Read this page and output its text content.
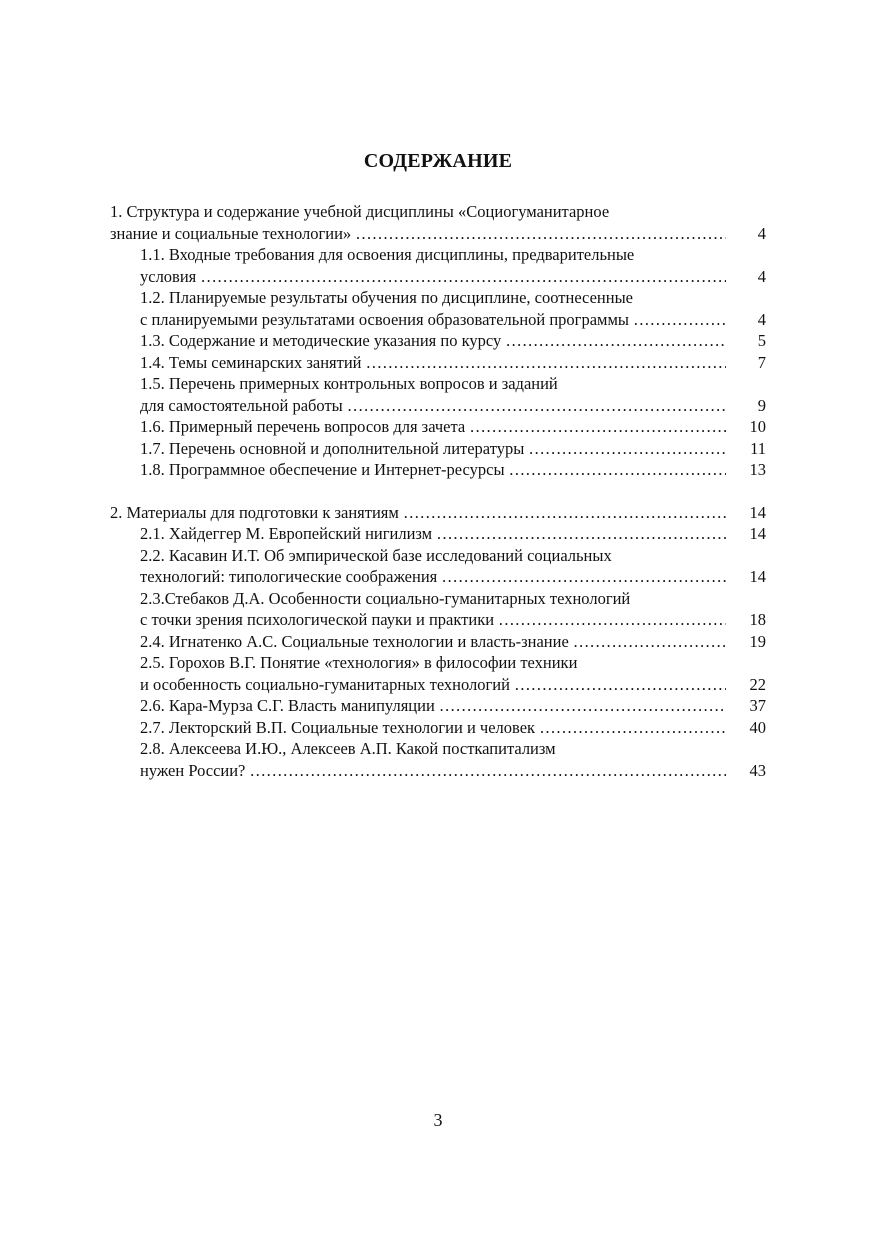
СОДЕРЖАНИЕ
1. Структура и содержание учебной дисциплины «Социогуманитарное
знание и социальные технологии» ……………………………………………………………………………………………………………………………………………………………………………………………………	4
1.1. Входные требования для освоения дисциплины, предварительные
условия ……………………………………………………………………………………………………………………………………………………………………………………………………	4
1.2. Планируемые результаты обучения по дисциплине, соотнесенные
с планируемыми результатами освоения образовательной программы ……………………………………………………………………………………………………………………………………………………………………………………………………	4
1.3. Содержание и методические указания по курсу ……………………………………………………………………………………………………………………………………………………………………………………………………	5
1.4. Темы семинарских занятий ……………………………………………………………………………………………………………………………………………………………………………………………………	7
1.5. Перечень примерных контрольных вопросов и заданий
для самостоятельной работы ……………………………………………………………………………………………………………………………………………………………………………………………………	9
1.6. Примерный перечень вопросов для зачета ……………………………………………………………………………………………………………………………………………………………………………………………………	10
1.7. Перечень основной и дополнительной литературы ……………………………………………………………………………………………………………………………………………………………………………………………………	11
1.8. Программное обеспечение и Интернет-ресурсы ……………………………………………………………………………………………………………………………………………………………………………………………………	13
2. Материалы для подготовки к занятиям ……………………………………………………………………………………………………………………………………………………………………………………………………	14
2.1. Хайдеггер М. Европейский нигилизм ……………………………………………………………………………………………………………………………………………………………………………………………………	14
2.2. Касавин И.Т. Об эмпирической базе исследований социальных
технологий: типологические соображения ……………………………………………………………………………………………………………………………………………………………………………………………………	14
2.3.Стебаков Д.А. Особенности социально-гуманитарных технологий
с точки зрения психологической пауки и практики ……………………………………………………………………………………………………………………………………………………………………………………………………	18
2.4. Игнатенко А.С. Социальные технологии и власть-знание ……………………………………………………………………………………………………………………………………………………………………………………………………	19
2.5. Горохов В.Г. Понятие «технология» в философии техники
и особенность социально-гуманитарных технологий ……………………………………………………………………………………………………………………………………………………………………………………………………	22
2.6. Кара-Мурза С.Г. Власть манипуляции ……………………………………………………………………………………………………………………………………………………………………………………………………	37
2.7. Лекторский В.П. Социальные технологии и человек ……………………………………………………………………………………………………………………………………………………………………………………………………	40
2.8. Алексеева И.Ю., Алексеев А.П. Какой посткапитализм
нужен России? ……………………………………………………………………………………………………………………………………………………………………………………………………	43
3
